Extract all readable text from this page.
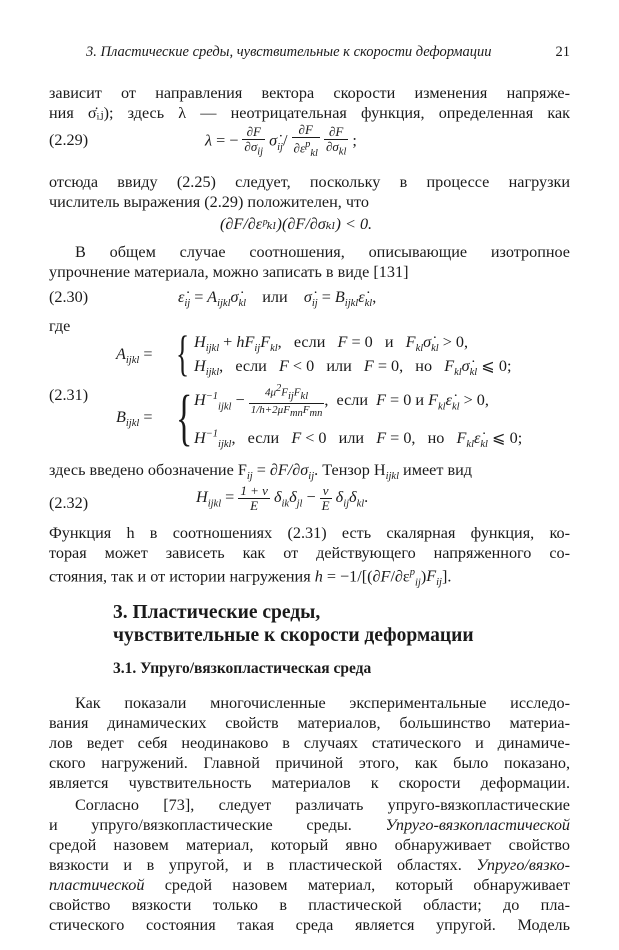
3. Пластические среды, чувствительные к скорости деформации	21
зависит от направления вектора скорости изменения напряже-
ния σ̇ᵢⱼ); здесь λ — неотрицательная функция, определенная как
(2.29)	λ = − $\frac{\partial F}{\partial\sigma_{ij}}$ $\sigmȧ_{ij}/ \frac{\partial F}{\partial\varepsilon^p_{kl}}$
$\frac{\partial F}{\partial\sigma_{kl}}$ ;
отсюда ввиду (2.25) следует, поскольку в процессе нагрузки
числитель выражения (2.29) положителен, что
(∂F/∂εᵖₖₗ)(∂F/∂σₖₗ) < 0.
В общем случае соотношения, описывающие изотропное
упрочнение материала, можно записать в виде [131]
(2.30)	$\varepsiloṅ_{ij}$ = $A_{ijkl}\sigmȧ_{kl}$ или    $\sigmȧ_{ij}$ = $B_{ijkl}\varepsiloṅ_{kl}$,
где
$A_{ijkl}$ = { $H_{ijkl} + hF_{ij}F_{kl}$,   если   F = 0   и   $F_{kl}\sigmȧ_{kl} > 0$,
$H_{ijkl}$,   если   F < 0   или   F = 0,   но   $F_{kl}\sigmȧ_{kl}$ ⩽ 0;
(2.31)
$B_{ijkl}$ = { $H^{-1}_{ijkl} - \frac{4\mu^2F_{ij}F_{kl}}{1/h+2\mu F_{mn}F_{mn}}$ ,  если  F = 0 и $F_{kl}\varepsiloṅ_{kl} > 0$,
$H^{-1}_{ijkl}$,   если   F < 0   или   F = 0,   но   $F_{kl}\varepsiloṅ_{kl}$ ⩽ 0;
здесь введено обозначение $F_{ij} = \partial F/\partial\sigma_{ij}$. Тензор $H_{ijkl}$ имеет вид
(2.32)	$H_{ijkl} = \frac{1 + \nu}{E} \delta_{ik}\delta_{jl} - \frac{\nu}{E} \delta_{ij}\delta_{kl}$.
Функция h в соотношениях (2.31) есть скалярная функция, ко-
торая может зависеть как от действующего напряженного со-
стояния, так и от истории нагружения $h = -1/[(\partial F/\partial\varepsilon^p_{ij})F_{ij}]$.
3. Пластические среды,
чувствительные к скорости деформации
3.1. Упруго/вязкопластическая среда
Как показали многочисленные экспериментальные исследо-
вания динамических свойств материалов, большинство материа-
лов ведет себя неодинаково в случаях статического и динамиче-
ского нагружений. Главной причиной этого, как было показано,
является чувствительность материалов к скорости деформации.
Согласно [73], следует различать упруго-вязкопластические
и упруго/вязкопластические среды. Упруго-вязкопластической
средой назовем материал, который явно обнаруживает свойство
вязкости и в упругой, и в пластической областях. Упруго/вязко-
пластической средой назовем материал, который обнаруживает
свойство вязкости только в пластической области; до пла-
стического состояния такая среда является упругой. Модель
